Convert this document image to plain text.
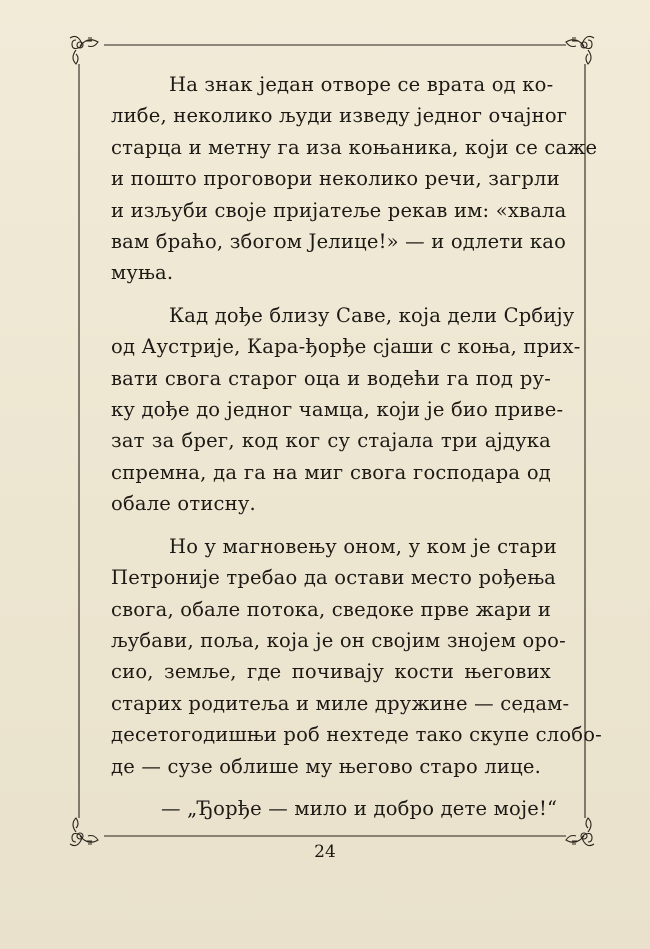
На знак један отворе се врата од ко-
либе, неколико људи изведу једног очајног
старца и метну га иза коњаника, који се саже
и пошто проговори неколико речи, загрли
и изљуби своје пријатеље рекав им: «хвала
вам браћо, збогом Јелице!» — и одлети као
муња.
Кад дође близу Саве, која дели Србију
од Аустрије, Кара-ђорђе сјаши с коња, прих-
вати свога старог оца и водећи га под ру-
ку дође до једног чамца, који је био приве-
зат за брег, код ког су стајала три ајдука
спремна, да га на миг свога господара од
обале отисну.
Но у магновењу оном, у ком је стари
Петроније требао да остави место рођења
свога, обале потока, сведоке прве жари и
љубави, поља, која је он својим знојем оро-
сио, земље, где почивају кости његових
старих родитеља и миле дружине — седам-
десетогодишњи роб нехтеде тако скупе слобо-
де — сузе облише му његово старо лице.
— „Ђорђе — мило и добро дете моје!“
24
